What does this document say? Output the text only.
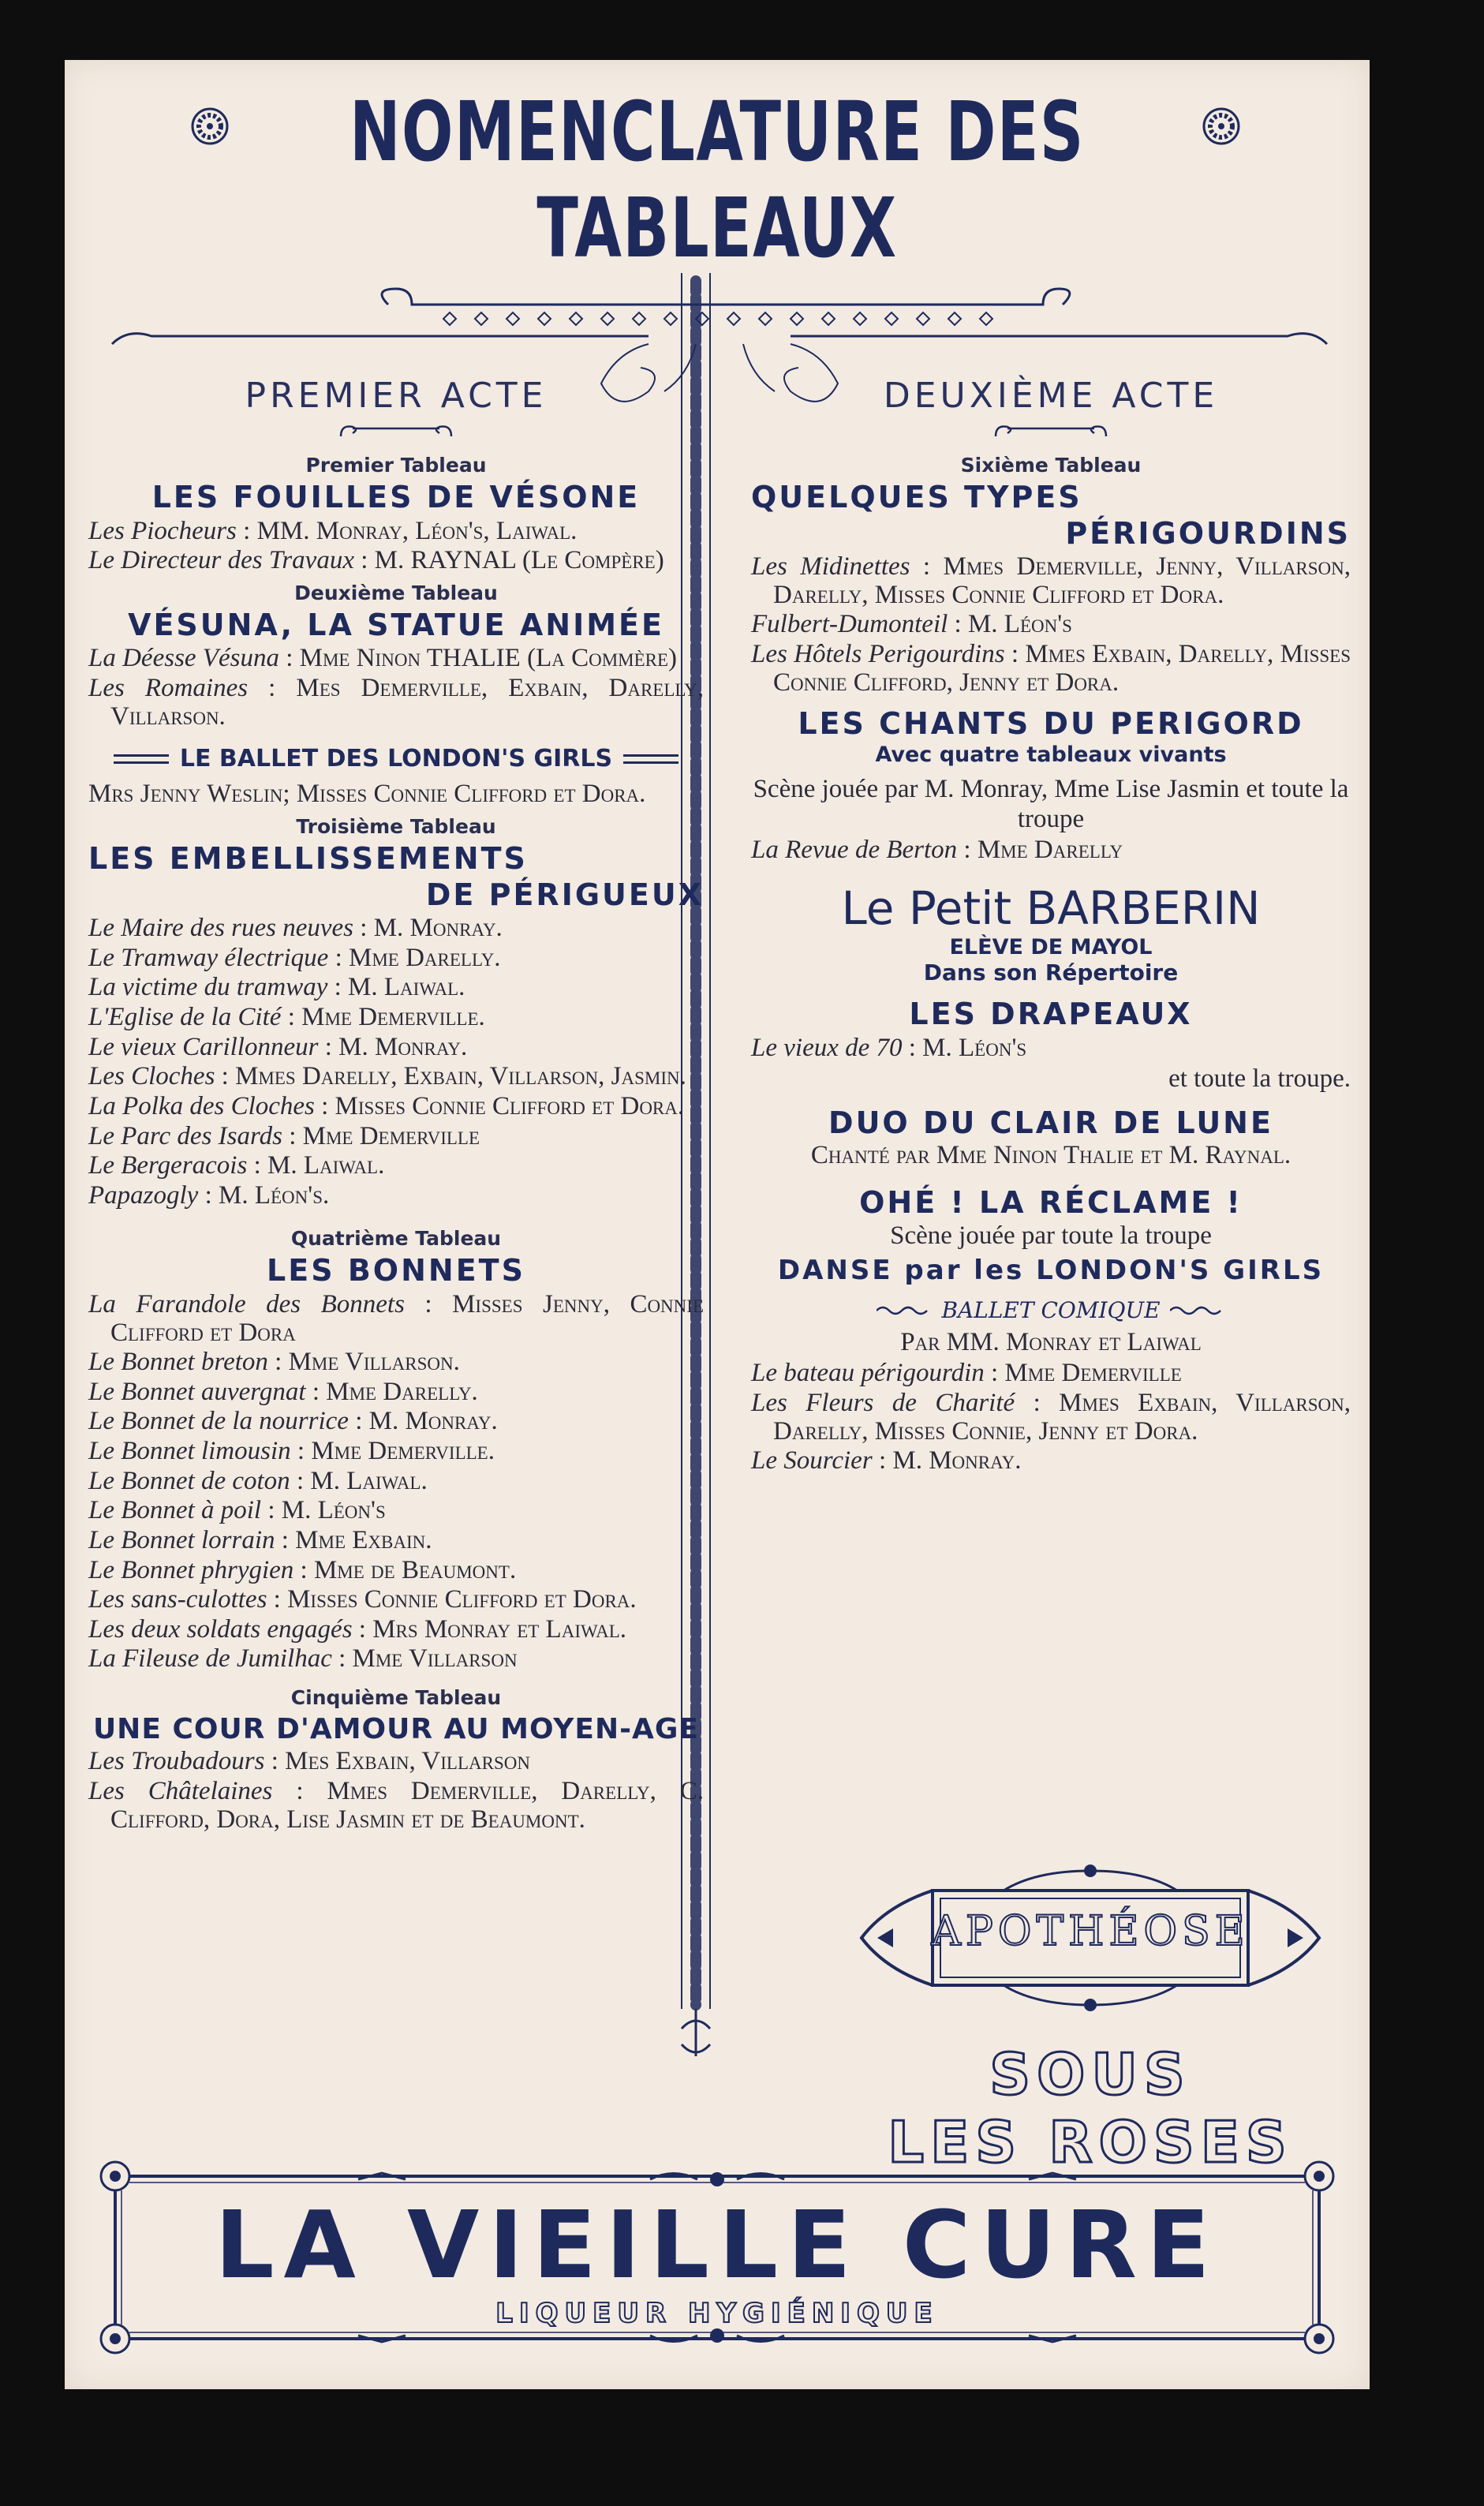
NOMENCLATURE DES TABLEAUX
PREMIER ACTE
Premier Tableau
LES FOUILLES DE VÉSONE
Les Piocheurs : MM. Monray, Léon's, Laiwal.
Le Directeur des Travaux : M. RAYNAL (Le Compère)
Deuxième Tableau
VÉSUNA, LA STATUE ANIMÉE
La Déesse Vésuna : Mme Ninon THALIE (La Commère)
Les Romaines : Mes Demerville, Exbain, Darelly, Villarson.
LE BALLET DES LONDON'S GIRLS
Mrs Jenny Weslin; Misses Connie Clifford et Dora.
Troisième Tableau
LES EMBELLISSEMENTS
DE PÉRIGUEUX
Le Maire des rues neuves : M. Monray.
Le Tramway électrique : Mme Darelly.
La victime du tramway : M. Laiwal.
L'Eglise de la Cité : Mme Demerville.
Le vieux Carillonneur : M. Monray.
Les Cloches : Mmes Darelly, Exbain, Villarson, Jasmin.
La Polka des Cloches : Misses Connie Clifford et Dora.
Le Parc des Isards : Mme Demerville
Le Bergeracois : M. Laiwal.
Papazogly : M. Léon's.
Quatrième Tableau
LES BONNETS
La Farandole des Bonnets : Misses Jenny, Connie Clifford et Dora
Le Bonnet breton : Mme Villarson.
Le Bonnet auvergnat : Mme Darelly.
Le Bonnet de la nourrice : M. Monray.
Le Bonnet limousin : Mme Demerville.
Le Bonnet de coton : M. Laiwal.
Le Bonnet à poil : M. Léon's
Le Bonnet lorrain : Mme Exbain.
Le Bonnet phrygien : Mme de Beaumont.
Les sans-culottes : Misses Connie Clifford et Dora.
Les deux soldats engagés : Mrs Monray et Laiwal.
La Fileuse de Jumilhac : Mme Villarson
Cinquième Tableau
UNE COUR D'AMOUR AU MOYEN-AGE
Les Troubadours : Mes Exbain, Villarson
Les Châtelaines : Mmes Demerville, Darelly, C. Clifford, Dora, Lise Jasmin et de Beaumont.
DEUXIÈME ACTE
Sixième Tableau
QUELQUES TYPES
PÉRIGOURDINS
Les Midinettes : Mmes Demerville, Jenny, Villarson, Darelly, Misses Connie Clifford et Dora.
Fulbert-Dumonteil : M. Léon's
Les Hôtels Perigourdins : Mmes Exbain, Darelly, Misses Connie Clifford, Jenny et Dora.
LES CHANTS DU PERIGORD
Avec quatre tableaux vivants
Scène jouée par M. Monray, Mme Lise Jasmin et toute la troupe
La Revue de Berton : Mme Darelly
Le Petit BARBERIN
ELÈVE DE MAYOL
Dans son Répertoire
LES DRAPEAUX
Le vieux de 70 : M. Léon's
et toute la troupe.
DUO DU CLAIR DE LUNE
Chanté par Mme Ninon Thalie et M. Raynal.
OHÉ ! LA RÉCLAME !
Scène jouée par toute la troupe
DANSE par les LONDON'S GIRLS
BALLET COMIQUE
Par MM. Monray et Laiwal
Le bateau périgourdin : Mme Demerville
Les Fleurs de Charité : Mmes Exbain, Villarson, Darelly, Misses Connie, Jenny et Dora.
Le Sourcier : M. Monray.
APOTHÉOSE
SOUS
LES ROSES
LA VIEILLE CURE
LIQUEUR HYGIÉNIQUE
